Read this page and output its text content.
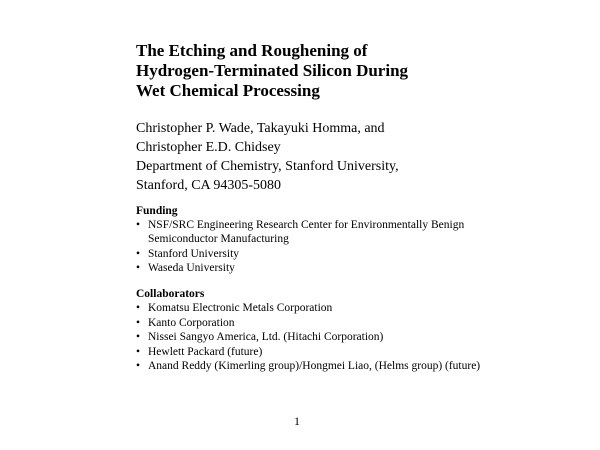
The Etching and Roughening of
Hydrogen-Terminated Silicon During
Wet Chemical Processing
Christopher P. Wade, Takayuki Homma, and
Christopher E.D. Chidsey
Department of Chemistry, Stanford University,
Stanford, CA 94305-5080
Funding
• NSF/SRC Engineering Research Center for Environmentally Benign Semiconductor Manufacturing
• Stanford University
• Waseda University
Collaborators
• Komatsu Electronic Metals Corporation
• Kanto Corporation
• Nissei Sangyo America, Ltd. (Hitachi Corporation)
• Hewlett Packard (future)
• Anand Reddy (Kimerling group)/Hongmei Liao, (Helms group) (future)
1
